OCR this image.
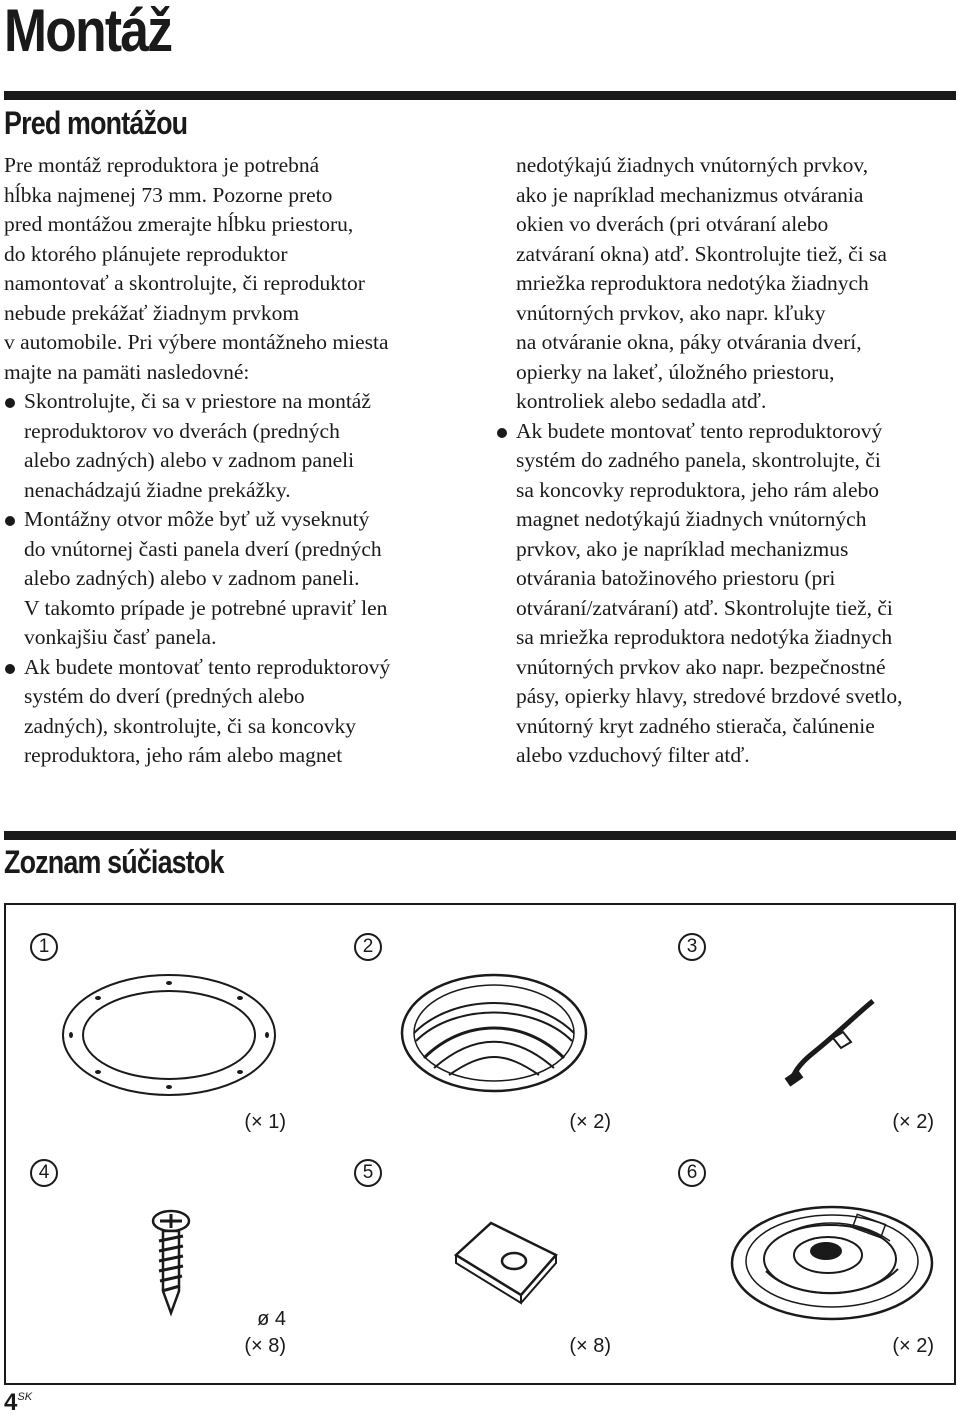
Montáž
Pred montážou
Pre montáž reproduktora je potrebná
hĺbka najmenej 73 mm. Pozorne preto
pred montážou zmerajte hĺbku priestoru,
do ktorého plánujete reproduktor
namontovať a skontrolujte, či reproduktor
nebude prekážať žiadnym prvkom
v automobile. Pri výbere montážneho miesta
majte na pamäti nasledovné:
Skontrolujte, či sa v priestore na montáž
reproduktorov vo dverách (predných
alebo zadných) alebo v zadnom paneli
nenachádzajú žiadne prekážky.
Montážny otvor môže byť už vyseknutý
do vnútornej časti panela dverí (predných
alebo zadných) alebo v zadnom paneli.
V takomto prípade je potrebné upraviť len
vonkajšiu časť panela.
Ak budete montovať tento reproduktorový
systém do dverí (predných alebo
zadných), skontrolujte, či sa koncovky
reproduktora, jeho rám alebo magnet
nedotýkajú žiadnych vnútorných prvkov,
ako je napríklad mechanizmus otvárania
okien vo dverách (pri otváraní alebo
zatváraní okna) atď. Skontrolujte tiež, či sa
mriežka reproduktora nedotýka žiadnych
vnútorných prvkov, ako napr. kľuky
na otváranie okna, páky otvárania dverí,
opierky na lakeť, úložného priestoru,
kontroliek alebo sedadla atď.
Ak budete montovať tento reproduktorový
systém do zadného panela, skontrolujte, či
sa koncovky reproduktora, jeho rám alebo
magnet nedotýkajú žiadnych vnútorných
prvkov, ako je napríklad mechanizmus
otvárania batožinového priestoru (pri
otváraní/zatváraní) atď. Skontrolujte tiež, či
sa mriežka reproduktora nedotýka žiadnych
vnútorných prvkov ako napr. bezpečnostné
pásy, opierky hlavy, stredové brzdové svetlo,
vnútorný kryt zadného stierača, čalúnenie
alebo vzduchový filter atď.
Zoznam súčiastok
1
(× 1)
2
(× 2)
3
(× 2)
4
ø 4
(× 8)
5
(× 8)
6
(× 2)
$4^{SK}$
